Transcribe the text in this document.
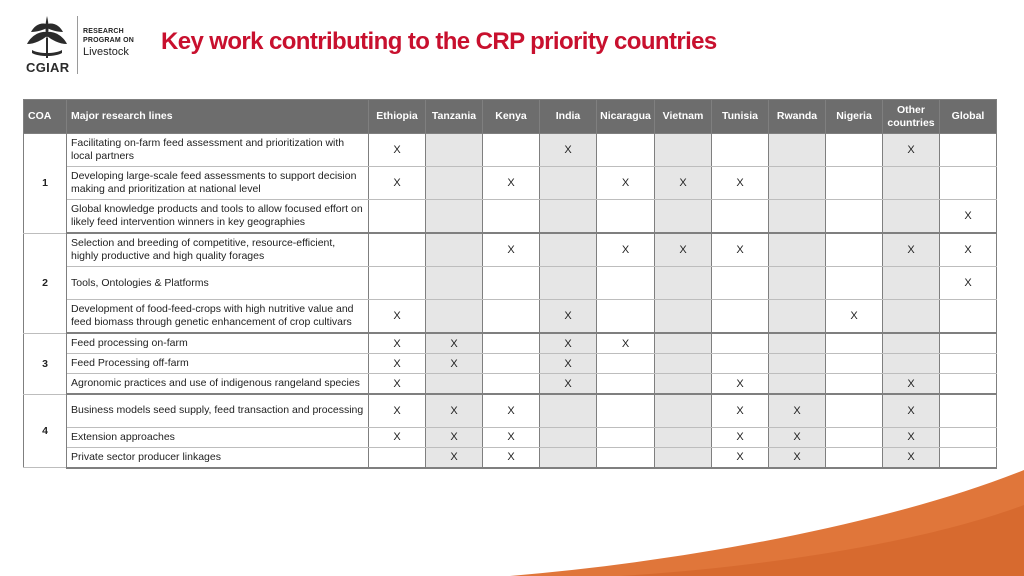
CGIAR
RESEARCH
PROGRAM ON
Livestock Key work contributing to the CRP priority countries
COA	Major research lines	Ethiopia	Tanzania	Kenya	India	Nicaragua	Vietnam	Tunisia	Rwanda	Nigeria	Other countries	Global
1	Facilitating on-farm feed assessment and prioritization with local partners	X			X						X	
	Developing large-scale feed assessments to support decision making and prioritization at national level	X		X		X	X	X				
	Global knowledge products and tools to allow focused effort on likely feed intervention winners in key geographies											X
2	Selection and breeding of competitive, resource-efficient, highly productive and high quality forages			X		X	X	X			X	X
	Tools, Ontologies & Platforms											X
	Development of food-feed-crops with high nutritive value and feed biomass through genetic enhancement of crop cultivars	X			X					X		
3	Feed processing on-farm	X	X		X	X						
	Feed Processing off-farm	X	X		X							
	Agronomic practices and use of indigenous rangeland species	X			X			X			X	
4	Business models seed supply, feed transaction and processing	X	X	X				X	X		X	
	Extension approaches	X	X	X				X	X		X	
	Private sector producer linkages		X	X				X	X		X	
